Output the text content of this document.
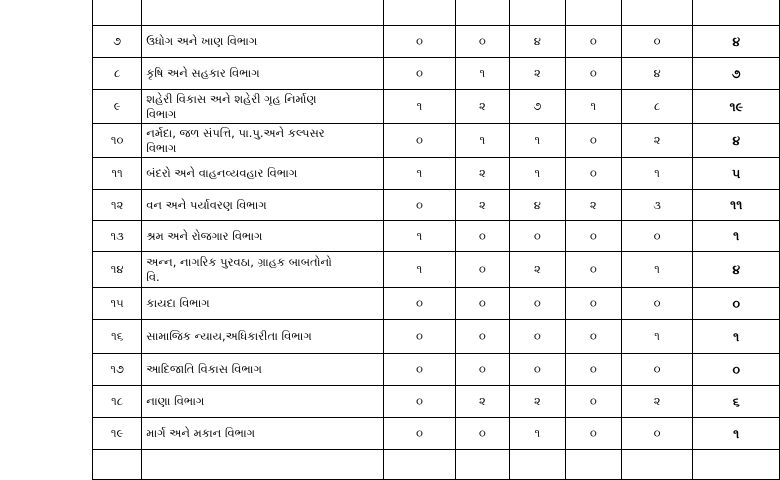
૭	ઉધોગ અને ખાણ વિભાગ	૦	૦	૪	૦	૦	૪
૮	કૃષિ અને સહકાર વિભાગ	૦	૧	૨	૦	૪	૭
૯	શહેરી વિકાસ અને શહેરી ગૃહ નિર્માણ
વિભાગ	૧	૨	૭	૧	૮	૧૯
૧૦	નર્મદા, જળ સંપત્તિ, પા.પુ.અને કલ્પસર
વિભાગ	૦	૧	૧	૦	૨	૪
૧૧	બંદરો અને વાહનવ્યવહાર વિભાગ	૧	૨	૧	૦	૧	૫
૧૨	વન અને પર્યાવરણ વિભાગ	૦	૨	૪	૨	૩	૧૧
૧૩	શ્રમ અને રોજગાર વિભાગ	૧	૦	૦	૦	૦	૧
૧૪	અન્ન, નાગરિક પુરવઠા, ગ્રાહક બાબતોનો
વિ.	૧	૦	૨	૦	૧	૪
૧૫	કાયદા વિભાગ	૦	૦	૦	૦	૦	૦
૧૬	સામાજિક ન્યાય,અધિકારીતા વિભાગ	૦	૦	૦	૦	૧	૧
૧૭	આદિજાતિ વિકાસ વિભાગ	૦	૦	૦	૦	૦	૦
૧૮	નાણા વિભાગ	૦	૨	૨	૦	૨	૬
૧૯	માર્ગ અને મકાન વિભાગ	૦	૦	૧	૦	૦	૧
